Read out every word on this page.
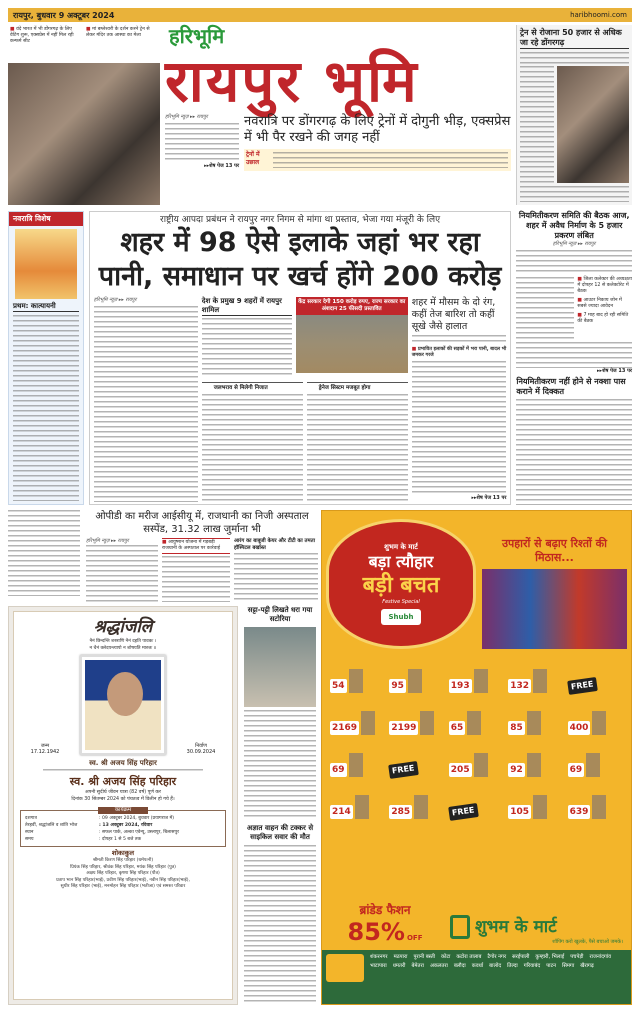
रायपुर, बुधवार 9 अक्टूबर 2024	haribhoomi.com
■ वंदे भारत में भी डोंगरगढ़ के लिए वेटिंग शुरू, एक्सप्रेस में नहीं मिल रही कन्फर्म सीट
■ मां बम्लेश्वरी के दर्शन करने ट्रेन से लेकर मंदिर तक आस्था का मेला	हरिभूमि
रायपुर भूमि
हरिभूमि न्यूज़ ▸▸ रायपुर
▸▸शेष पेज 13 पर
नवरात्रि पर डोंगरगढ़ के लिए ट्रेनों में दोगुनी भीड़, एक्सप्रेस में भी पैर रखने की जगह नहीं
ट्रेनों में उछाल
ट्रेन से रोजाना 50 हजार से अधिक जा रहे डोंगरगढ़
नवरात्रि विशेष
प्रथम: कात्यायनी
राष्ट्रीय आपदा प्रबंधन ने रायपुर नगर निगम से मांगा था प्रस्ताव, भेजा गया मंजूरी के लिए
शहर में 98 ऐसे इलाके जहां भर रहा पानी, समाधान पर खर्च होंगे 200 करोड़
हरिभूमि न्यूज़ ▸▸ रायपुर	देश के प्रमुख 9 शहरों में रायपुर शामिल
केंद्र सरकार देगी 150 करोड़ रुपए, राज्य सरकार का अंशदान 25 फीसदी प्रस्तावित
जलभराव से मिलेगी निजात	ड्रेनेज सिस्टम मजबूत होगा
शहर में मौसम के दो रंग, कहीं तेज बारिश तो कहीं सूखे जैसे हालात
■ प्रभावित इलाकों की सड़कों में भरा पानी, बादल भी जमकर गरजे
▸▸शेष पेज 13 पर
नियमितीकरण समिति की बैठक आज, शहर में अवैध निर्माण के 5 हजार प्रकरण लंबित
हरिभूमि न्यूज़ ▸▸ रायपुर
■ जिला कलेक्टर की अध्यक्षता में दोपहर 12 से कलेक्टोरेट में बैठक
■ आउटर निकाय जोन में सबसे ज्यादा आवेदन
■ 7 माह बाद हो रही समिति की बैठक
▸▸शेष पेज 13 पर
नियमितीकरण नहीं होने से नक्शा पास कराने में दिक्कत
ओपीडी का मरीज आईसीयू में, राजधानी का निजी अस्पताल सस्पेंड, 31.32 लाख जुर्माना भी
हरिभूमि न्यूज़ ▸▸ रायपुर	■ आयुष्मान योजना में गड़बड़ी राजधानी के अस्पताल पर कार्रवाई
आरंग का बाबूजी केयर और टीटी का तमता हॉस्पिटल बर्खास्त
श्रद्धांजलि
नैनं छिन्दन्ति शस्त्राणि नैनं दहति पावकः ।
न चैनं क्लेदयन्त्यापो न शोषयति मारुतः ॥
जन्म
17.12.1942
निर्वाण
30.09.2024
स्व. श्री अजय सिंह परिहार
स्व. श्री अजय सिंह परिहार
अपनी सुदीर्घ जीवन यात्रा (82 वर्ष) पूर्ण कर
दिनांक 30 सितम्बर 2024 को पंचतत्व में विलीन हो गये हैं।
कार्यक्रम
दशगात्र	: 09 अक्टूबर 2024, बुधवार (प्रयागराज में)
तेरहवीं, श्रद्धांजलि व शांति भोज	: 13 अक्टूबर 2024, रविवार
स्थान	: सफल पार्क, अल्का एवेन्यू, उस्लापुर, बिलासपुर
समय	: दोपहर 1 से 5 बजे तक
शोकाकुल
श्रीमती किरण सिंह परिहार (धर्मपत्नी)
प्रियंक सिंह परिहार, श्रीवंक सिंह परिहार, मयंक सिंह परिहार (पुत्र)
अक्षय सिंह परिहार, कृष्णा सिंह परिहार (पौत्र)
प्रताप भान सिंह परिहार(भाई), प्रवीण सिंह परिहार(भाई), नवीन सिंह परिहार(भाई),
सुधीर सिंह परिहार (भाई), मनमोहन सिंह परिहार (भतीजा) एवं समस्त परिवार
सट्टा-पट्टी लिखते धरा गया सटोरिया
अज्ञात वाहन की टक्कर से साइकिल सवार की मौत
शुभम के मार्ट
बड़ा त्यौहार
बड़ी बचत
Festive Special
Shubh
उपहारों से बढ़ाए रिश्तों की मिठास...
54	95	193	132	FREE
2169	2199	65	85	400
69	FREE	205	92	69
214	285	FREE	105	639
ब्रांडेड फैशन
85% OFF
शुभम के मार्ट
शॉपिंग करो खुलके, पैसे बचाओ जमके।
शंकरनगर मठपारा पुरानी बस्ती कोटा कटोरा तालाब टैगोर नगर सरईपाली कुम्हारी, भिलाई पचपेड़ी राजनांदगांव
भाटापारा धमतरी बेमेतरा अकलतरा बलौदा कवर्धा बालोद तिल्दा गरियाबंद पाटन सिमगा खैरागढ़
